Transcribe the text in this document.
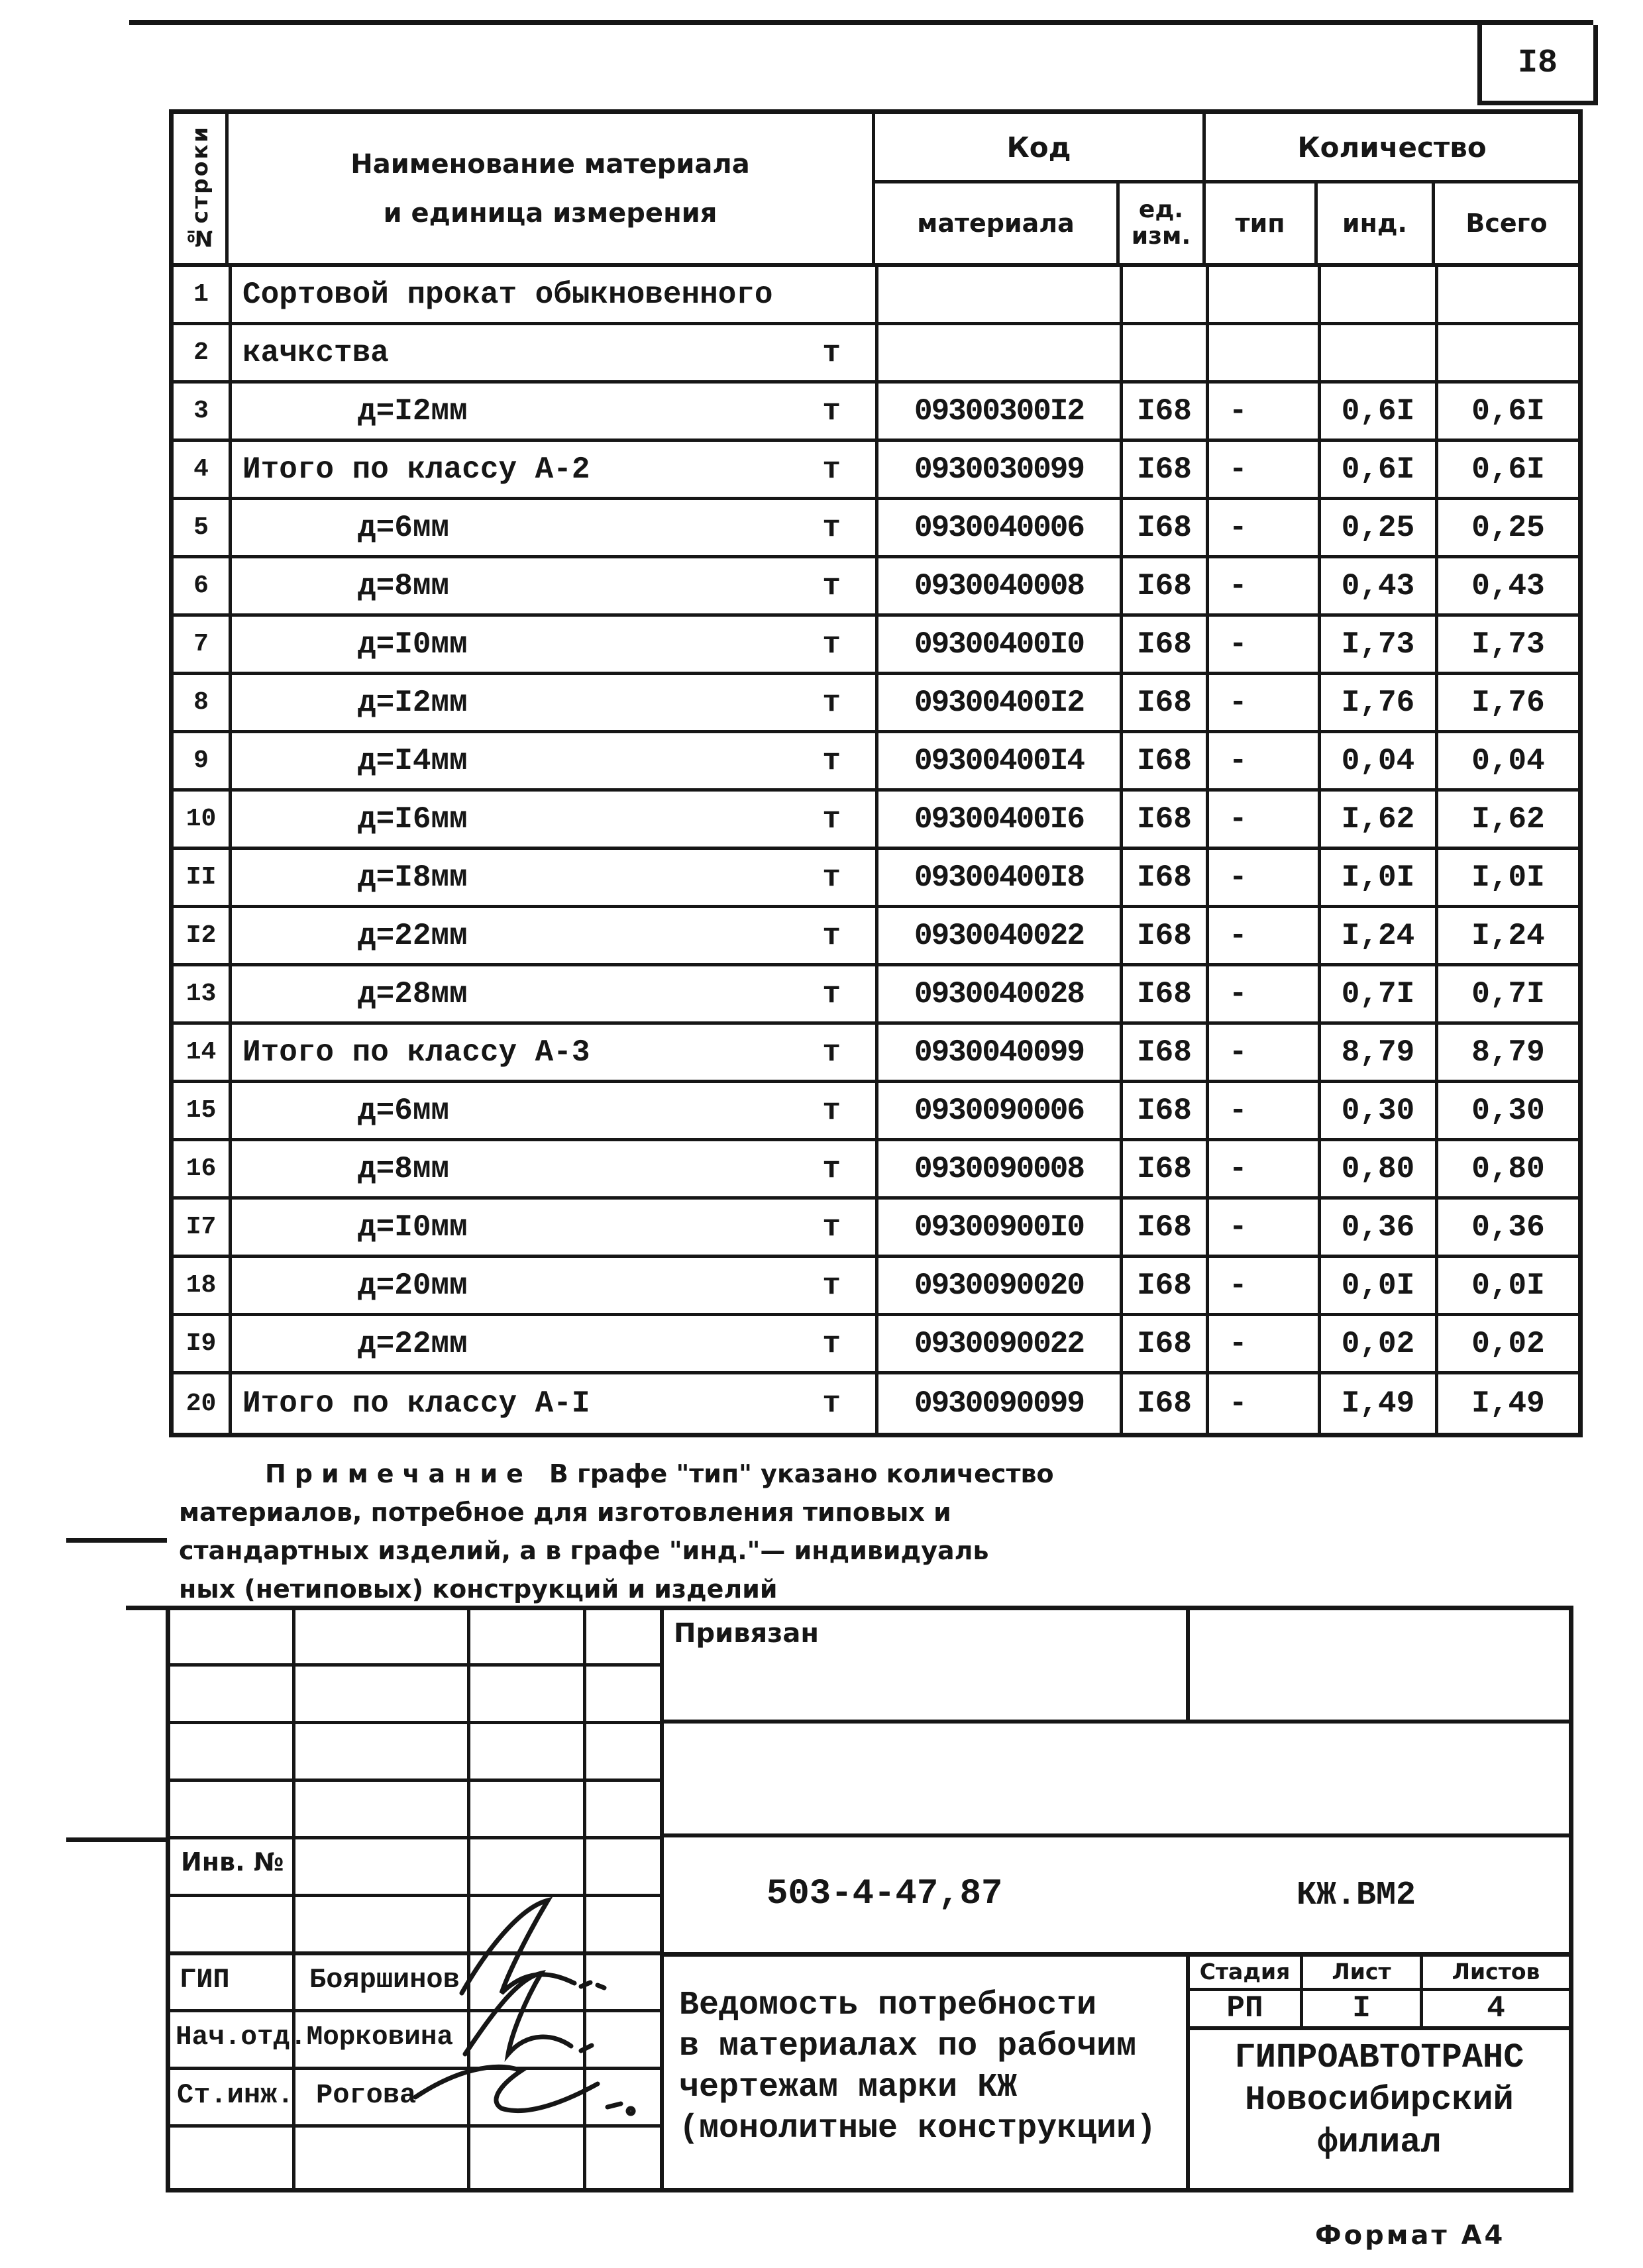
I8
№строки	Наименование материала
и единица измерения
Код
материала	ед.
изм.
Количество
тип	инд.	Всего
1	Сортовой прокат обыкновенного
2	качкства	т
3	д=I2мм	т	09300300I2	I68	-	0,6I	0,6I
4	Итого по классу А-2	т	0930030099	I68	-	0,6I	0,6I
5	д=6мм	т	0930040006	I68	-	0,25	0,25
6	д=8мм	т	0930040008	I68	-	0,43	0,43
7	д=I0мм	т	09300400I0	I68	-	I,73	I,73
8	д=I2мм	т	09300400I2	I68	-	I,76	I,76
9	д=I4мм	т	09300400I4	I68	-	0,04	0,04
10	д=I6мм	т	09300400I6	I68	-	I,62	I,62
II	д=I8мм	т	09300400I8	I68	-	I,0I	I,0I
I2	д=22мм	т	0930040022	I68	-	I,24	I,24
13	д=28мм	т	0930040028	I68	-	0,7I	0,7I
14 Итого по классу А-3	т	0930040099	I68	-	8,79	8,79
15	д=6мм	т	0930090006	I68	-	0,30	0,30
16	д=8мм	т	0930090008	I68	-	0,80	0,80
I7	д=I0мм	т	09300900I0	I68	-	0,36	0,36
18	д=20мм	т	0930090020	I68	-	0,0I	0,0I
I9	д=22мм	т	0930090022	I68	-	0,02	0,02
20 Итого по классу А-I	т	0930090099	I68	-	I,49	I,49
Примечание В графе "тип" указано количество
материалов, потребное для изготовления типовых и
стандартных изделий, а в графе "инд."— индивидуаль
ных (нетиповых) конструкций и изделий
Привязан
Инв. №
ГИП	Бояршинов
Нач.отд .Морковина
Ст.инж. Рогова
503-4-47,87	КЖ.ВМ2
Ведомость потребности
в материалах по рабочим
чертежам марки КЖ
(монолитные конструкции)
Стадия	Лист	Листов
РП	I	4
ГИПРОАВТОТРАНС
Новосибирский
филиал
Формат А4
